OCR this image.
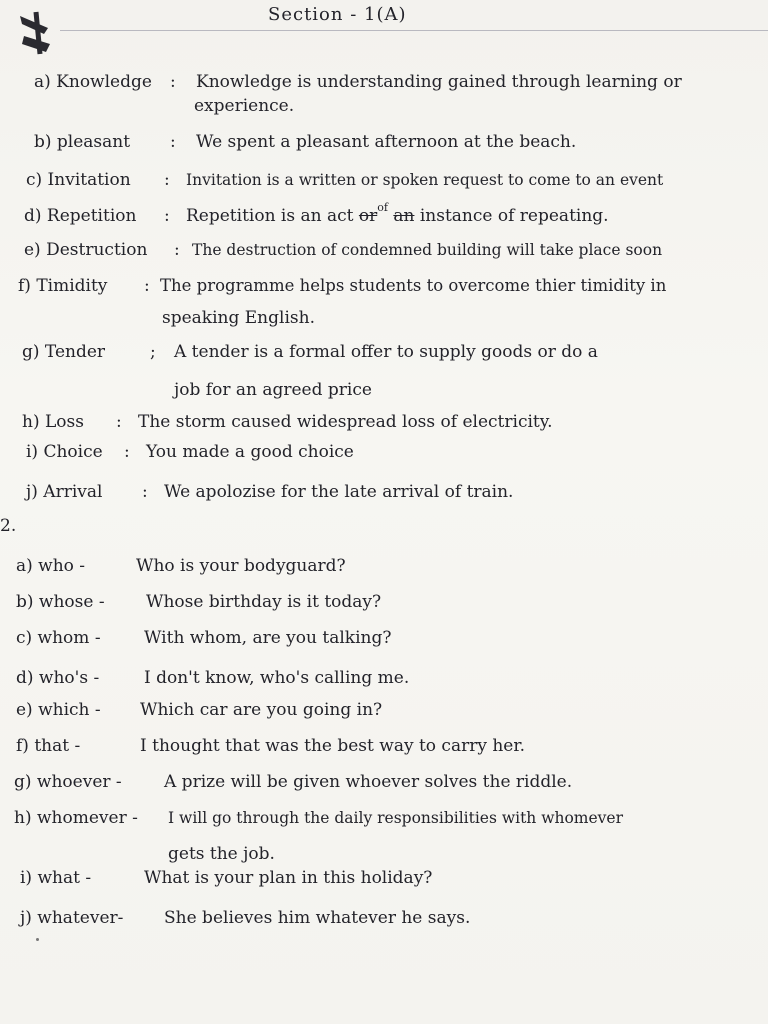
Section - 1(A)
a) Knowledge : Knowledge is understanding gained through learning or
experience.
b) pleasant : We spent a pleasant afternoon at the beach.
c) Invitation : Invitation is a written or spoken request to come to an event
d) Repetition : Repetition is an act $or^{of}$ an instance of repeating.
e) Destruction : The destruction of condemned building will take place soon
f) Timidity : The programme helps students to overcome thier timidity in
speaking English.
g) Tender	; A tender is a formal offer to supply goods or do a
job for an agreed price
h) Loss : The storm caused widespread loss of electricity.
i) Choice : You made a good choice
j) Arrival : We apolozise for the late arrival of train.
2.
a) who -	Who is your bodyguard?
b) whose - Whose birthday is it today?
c) whom -	With whom, are you talking?
d) who's -	I don't know, who's calling me.
e) which - Which car are you going in?
f) that -	I thought that was the best way to carry her.
g) whoever - A prize will be given whoever solves the riddle.
h) whomever - I will go through the daily responsibilities with whomever
gets the job.
i) what -	What is your plan in this holiday?
j) whatever- She believes him whatever he says.
